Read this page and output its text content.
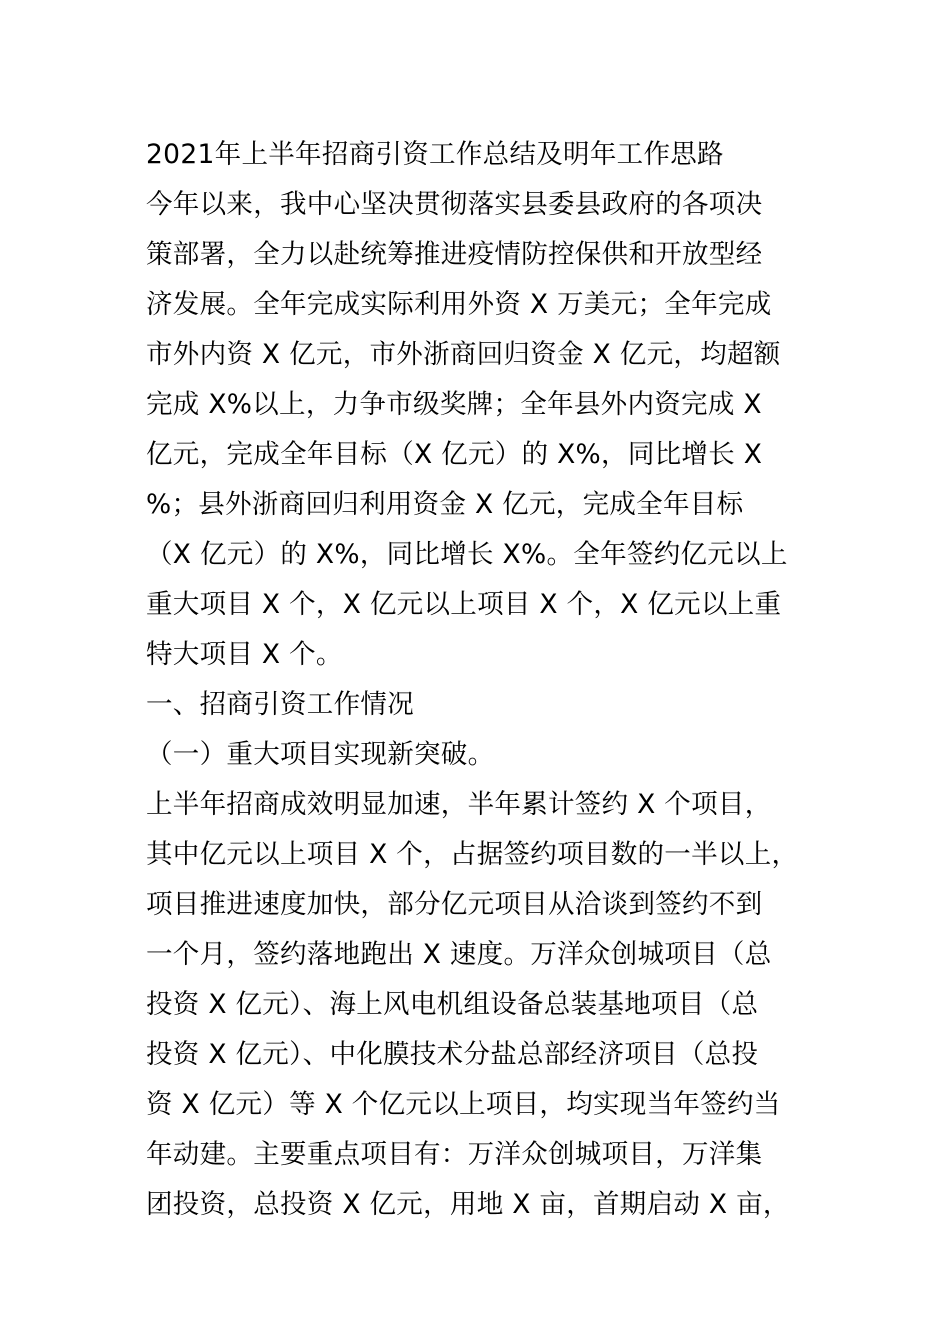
2021年上半年招商引资工作总结及明年工作思路
今年以来，我中心坚决贯彻落实县委县政府的各项决
策部署，全力以赴统筹推进疫情防控保供和开放型经
济发展。全年完成实际利用外资 X 万美元；全年完成
市外内资 X 亿元，市外浙商回归资金 X 亿元，均超额
完成 X%以上，力争市级奖牌；全年县外内资完成 X
亿元，完成全年目标（X 亿元）的 X%，同比增长 X
%；县外浙商回归利用资金 X 亿元，完成全年目标
（X 亿元）的 X%，同比增长 X%。全年签约亿元以上
重大项目 X 个，X 亿元以上项目 X 个，X 亿元以上重
特大项目 X 个。
一、招商引资工作情况
（一）重大项目实现新突破。
上半年招商成效明显加速，半年累计签约 X 个项目，
其中亿元以上项目 X 个，占据签约项目数的一半以上，
项目推进速度加快，部分亿元项目从洽谈到签约不到
一个月，签约落地跑出 X 速度。万洋众创城项目（总
投资 X 亿元）、海上风电机组设备总装基地项目（总
投资 X 亿元）、中化膜技术分盐总部经济项目（总投
资 X 亿元）等 X 个亿元以上项目，均实现当年签约当
年动建。主要重点项目有：万洋众创城项目，万洋集
团投资，总投资 X 亿元，用地 X 亩，首期启动 X 亩，
